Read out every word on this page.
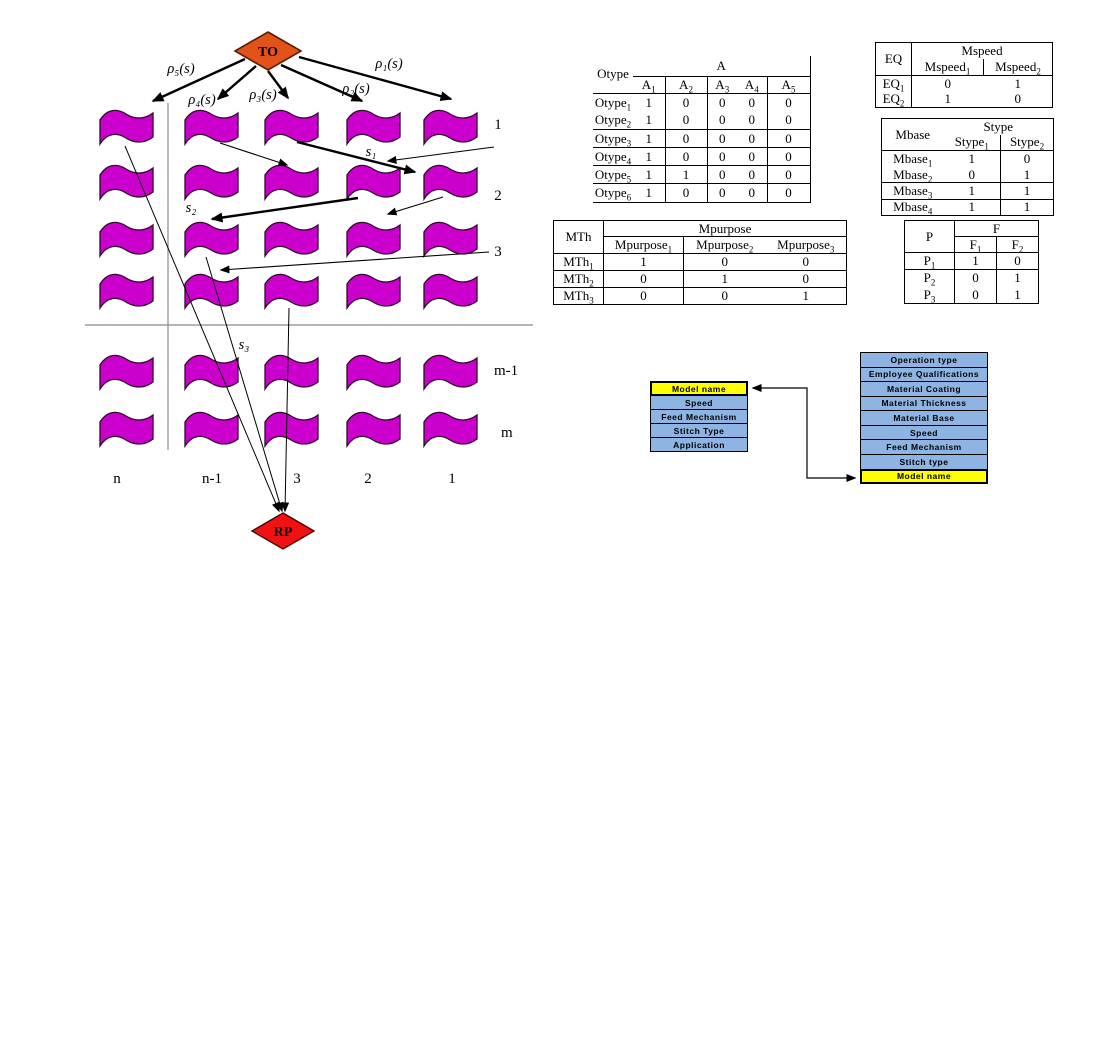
TO
RP
ρ₁(s)
ρ₂(s)
ρ₃(s)
ρ₄(s)
ρ₅(s)
s₁
s₂
s₃
1
2
3
m-1
m
n	n-1	3	2	1
Otype	A				
	$A_1$	$A_2$	$A_3$	$A_4$	$A_5$
Otype$_1$	1	0	0	0	0
Otype$_2$	1	0	0	0	0
Otype$_3$	1	0	0	0	0
Otype$_4$	1	0	0	0	0
Otype$_5$	1	1	0	0	0
Otype$_6$	1	0	0	0	0
EQ	Mspeed	
	Mspeed$_1$	Mspeed$_2$
$EQ_1$	0	1
$EQ_2$	1	0
Mbase	Stype	
	Stype$_1$	Stype$_2$
Mbase$_1$	1	0
Mbase$_2$	0	1
Mbase$_3$	1	1
Mbase$_4$	1	1
MTh	Mpurpose		
	Mpurpose$_1$	Mpurpose$_2$	Mpurpose$_3$
MTh$_1$	1	0	0
MTh$_2$	0	1	0
MTh$_3$	0	0	1
P	F	
	$F_1$	$F_2$
$P_1$	1	0
$P_2$	0	1
$P_3$	0	1
Model name
Speed
Feed Mechanism
Stitch Type
Application
Operation type
Employee Qualifications
Material Coating
Material Thickness
Material Base
Speed
Feed Mechanism
Stitch type
Model name
